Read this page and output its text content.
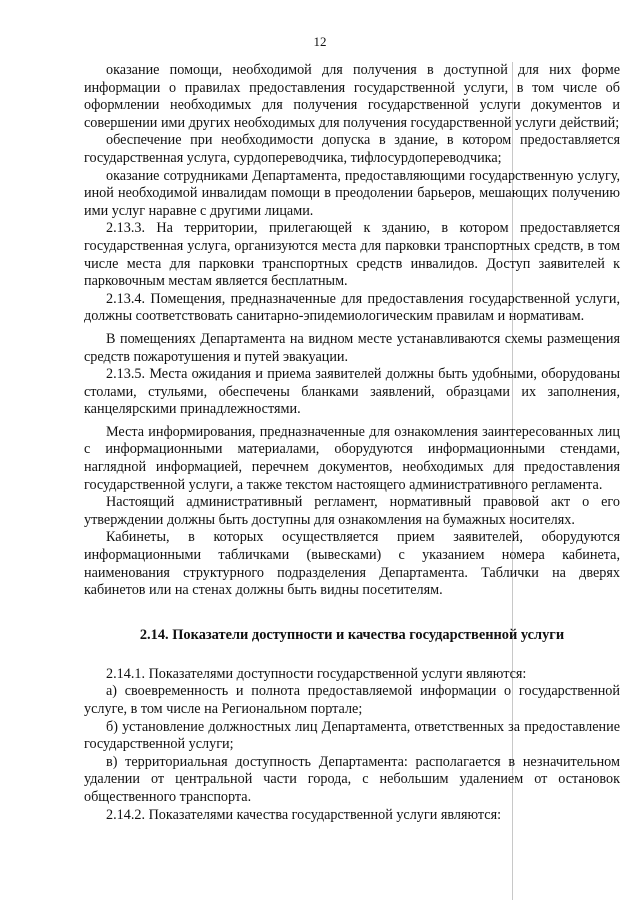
12

оказание помощи, необходимой для получения в доступной для них форме информации о правилах предоставления государственной услуги, в том числе об оформлении необходимых для получения государственной услуги документов и совершении ими других необходимых для получения государственной услуги действий;

обеспечение при необходимости допуска в здание, в котором предоставляется государственная услуга, сурдопереводчика, тифлосурдопереводчика;

оказание сотрудниками Департамента, предоставляющими государственную услугу, иной необходимой инвалидам помощи в преодолении барьеров, мешающих получению ими услуг наравне с другими лицами.

2.13.3. На территории, прилегающей к зданию, в котором предоставляется государственная услуга, организуются места для парковки транспортных средств, в том числе места для парковки транспортных средств инвалидов. Доступ заявителей к парковочным местам является бесплатным.

2.13.4. Помещения, предназначенные для предоставления государственной услуги, должны соответствовать санитарно-эпидемиологическим правилам и нормативам.

В помещениях Департамента на видном месте устанавливаются схемы размещения средств пожаротушения и путей эвакуации.

2.13.5. Места ожидания и приема заявителей должны быть удобными, оборудованы столами, стульями, обеспечены бланками заявлений, образцами их заполнения, канцелярскими принадлежностями.

Места информирования, предназначенные для ознакомления заинтересованных лиц с информационными материалами, оборудуются информационными стендами, наглядной информацией, перечнем документов, необходимых для предоставления государственной услуги, а также текстом настоящего административного регламента.

Настоящий административный регламент, нормативный правовой акт о его утверждении должны быть доступны для ознакомления на бумажных носителях.

Кабинеты, в которых осуществляется прием заявителей, оборудуются информационными табличками (вывесками) с указанием номера кабинета, наименования структурного подразделения Департамента. Таблички на дверях кабинетов или на стенах должны быть видны посетителям.

2.14. Показатели доступности и качества государственной услуги

2.14.1. Показателями доступности государственной услуги являются:

а) своевременность и полнота предоставляемой информации о государственной услуге, в том числе на Региональном портале;

б) установление должностных лиц Департамента, ответственных за предоставление государственной услуги;

в) территориальная доступность Департамента: располагается в незначительном удалении от центральной части города, с небольшим удалением от остановок общественного транспорта.

2.14.2. Показателями качества государственной услуги являются:
